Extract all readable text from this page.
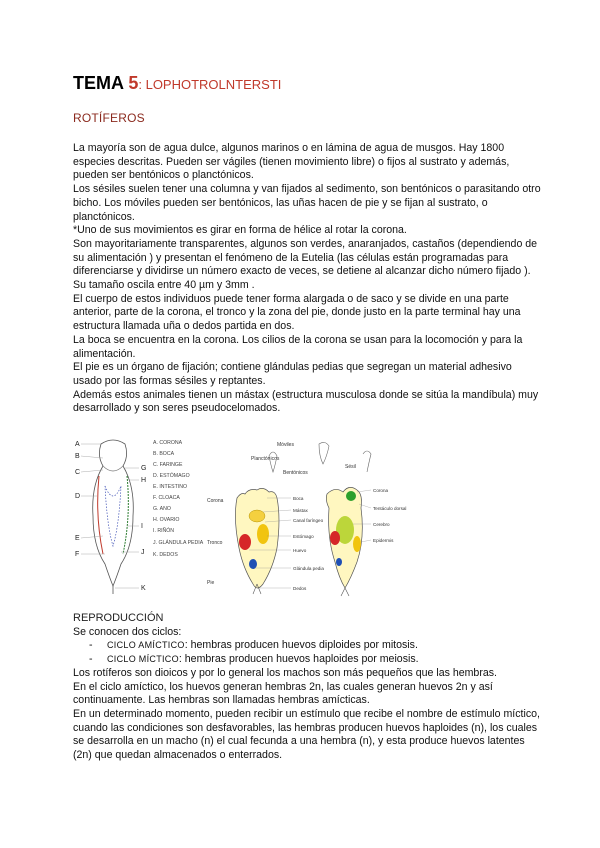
TEMA 5: LOPHOTROLNTERSTI
ROTÍFEROS

La mayoría son de agua dulce, algunos marinos o en lámina de agua de musgos. Hay 1800 especies descritas. Pueden ser vágiles (tienen movimiento libre) o fijos al sustrato y además, pueden ser bentónicos o planctónicos.

Los sésiles suelen tener una columna y van fijados al sedimento, son bentónicos o parasitando otro bicho. Los móviles pueden ser bentónicos, las uñas hacen de pie y se fijan al sustrato, o planctónicos.

*Uno de sus movimientos es girar en forma de hélice al rotar la corona.

Son mayoritariamente transparentes, algunos son verdes, anaranjados, castaños (dependiendo de su alimentación ) y presentan el fenómeno de la Eutelia (las células están programadas para diferenciarse y dividirse un número exacto de veces, se detiene al alcanzar dicho número fijado ). Su tamaño oscila entre 40 µm y 3mm .

El cuerpo de estos individuos puede tener forma alargada o de saco y se divide en una parte anterior, parte de la corona, el tronco y la zona del pie, donde justo en la parte terminal hay una estructura llamada uña o dedos partida en dos.

La boca se encuentra en la corona. Los cilios de la corona se usan para la locomoción y para la alimentación.

El pie es un órgano de fijación; contiene glándulas pedias que segregan un material adhesivo usado por las formas sésiles y reptantes.

Además estos animales tienen un mástax (estructura musculosa donde se sitúa la mandíbula) muy desarrollado y son seres pseudocelomados.

A
B
C
D
E
F
G
H
I
J
K
A. CORONA
B. BOCA
C. FARINGE
D. ESTÓMAGO
E. INTESTINO
F. CLOACA
G. ANO
H. OVARIO
I. RIÑÓN
J. GLÁNDULA PEDIA
K. DEDOS
Móviles
Planctónicos
Bentónicos
Sésil
Corona
Tronco
Pie
Boca
Mástax
Canal faríngeo
Estómago
Huevo
Glándula pedia
Dedos
Corona
Tentáculo dorsal
Cerebro
Epidermis

REPRODUCCIÓN

Se conocen dos ciclos:

- CICLO AMÍCTICO: hembras producen huevos diploides por mitosis.
- CICLO MÍCTICO: hembras producen huevos haploides por meiosis.

Los rotíferos son dioicos y por lo general los machos son más pequeños que las hembras.

En el ciclo amíctico, los huevos generan hembras 2n, las cuales generan huevos 2n y así continuamente. Las hembras son llamadas hembras amícticas.

En un determinado momento, pueden recibir un estímulo que recibe el nombre de estímulo míctico, cuando las condiciones son desfavorables, las hembras producen huevos haploides (n), los cuales se desarrolla en un macho (n) el cual fecunda a una hembra (n), y esta produce huevos latentes (2n) que quedan almacenados o enterrados.
